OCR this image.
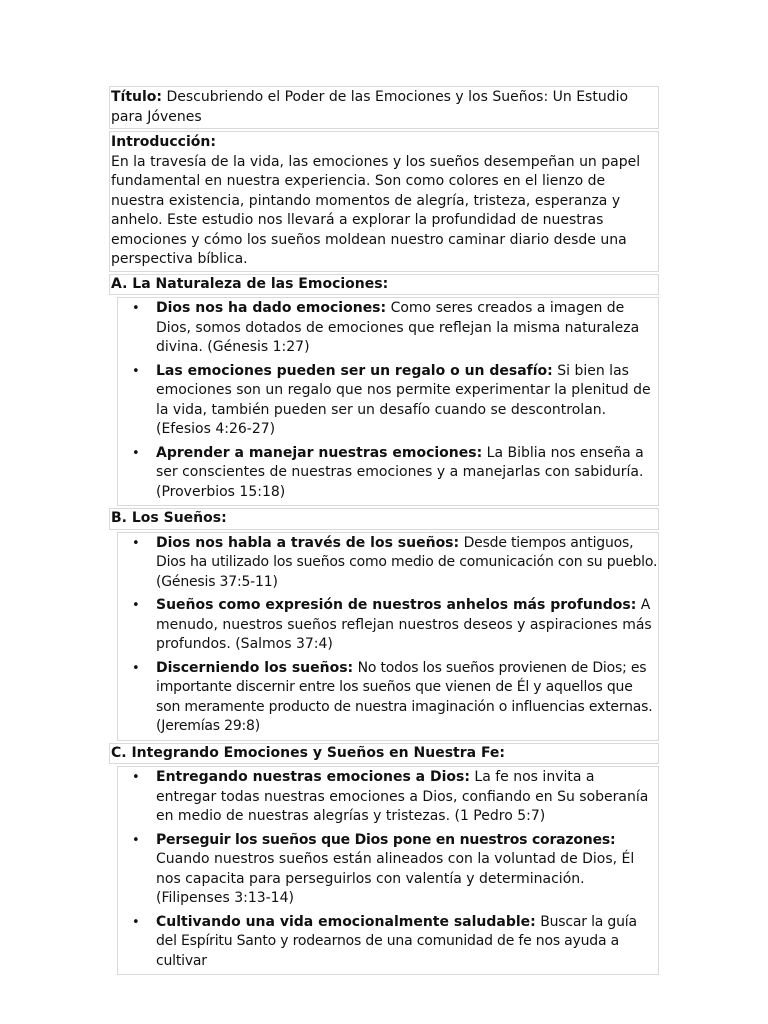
Título: Descubriendo el Poder de las Emociones y los Sueños: Un Estudio para Jóvenes
Introducción:
En la travesía de la vida, las emociones y los sueños desempeñan un papel fundamental en nuestra experiencia. Son como colores en el lienzo de nuestra existencia, pintando momentos de alegría, tristeza, esperanza y anhelo. Este estudio nos llevará a explorar la profundidad de nuestras emociones y cómo los sueños moldean nuestro caminar diario desde una perspectiva bíblica.
A. La Naturaleza de las Emociones:
• Dios nos ha dado emociones: Como seres creados a imagen de Dios, somos dotados de emociones que reflejan la misma naturaleza divina. (Génesis 1:27)
• Las emociones pueden ser un regalo o un desafío: Si bien las emociones son un regalo que nos permite experimentar la plenitud de la vida, también pueden ser un desafío cuando se descontrolan. (Efesios 4:26-27)
• Aprender a manejar nuestras emociones: La Biblia nos enseña a ser conscientes de nuestras emociones y a manejarlas con sabiduría. (Proverbios 15:18)
B. Los Sueños:
• Dios nos habla a través de los sueños: Desde tiempos antiguos, Dios ha utilizado los sueños como medio de comunicación con su pueblo. (Génesis 37:5-11)
• Sueños como expresión de nuestros anhelos más profundos: A menudo, nuestros sueños reflejan nuestros deseos y aspiraciones más profundos. (Salmos 37:4)
• Discerniendo los sueños: No todos los sueños provienen de Dios; es importante discernir entre los sueños que vienen de Él y aquellos que son meramente producto de nuestra imaginación o influencias externas. (Jeremías 29:8)
C. Integrando Emociones y Sueños en Nuestra Fe:
• Entregando nuestras emociones a Dios: La fe nos invita a entregar todas nuestras emociones a Dios, confiando en Su soberanía en medio de nuestras alegrías y tristezas. (1 Pedro 5:7)
• Perseguir los sueños que Dios pone en nuestros corazones: Cuando nuestros sueños están alineados con la voluntad de Dios, Él nos capacita para perseguirlos con valentía y determinación. (Filipenses 3:13-14)
• Cultivando una vida emocionalmente saludable: Buscar la guía del Espíritu Santo y rodearnos de una comunidad de fe nos ayuda a cultivar
